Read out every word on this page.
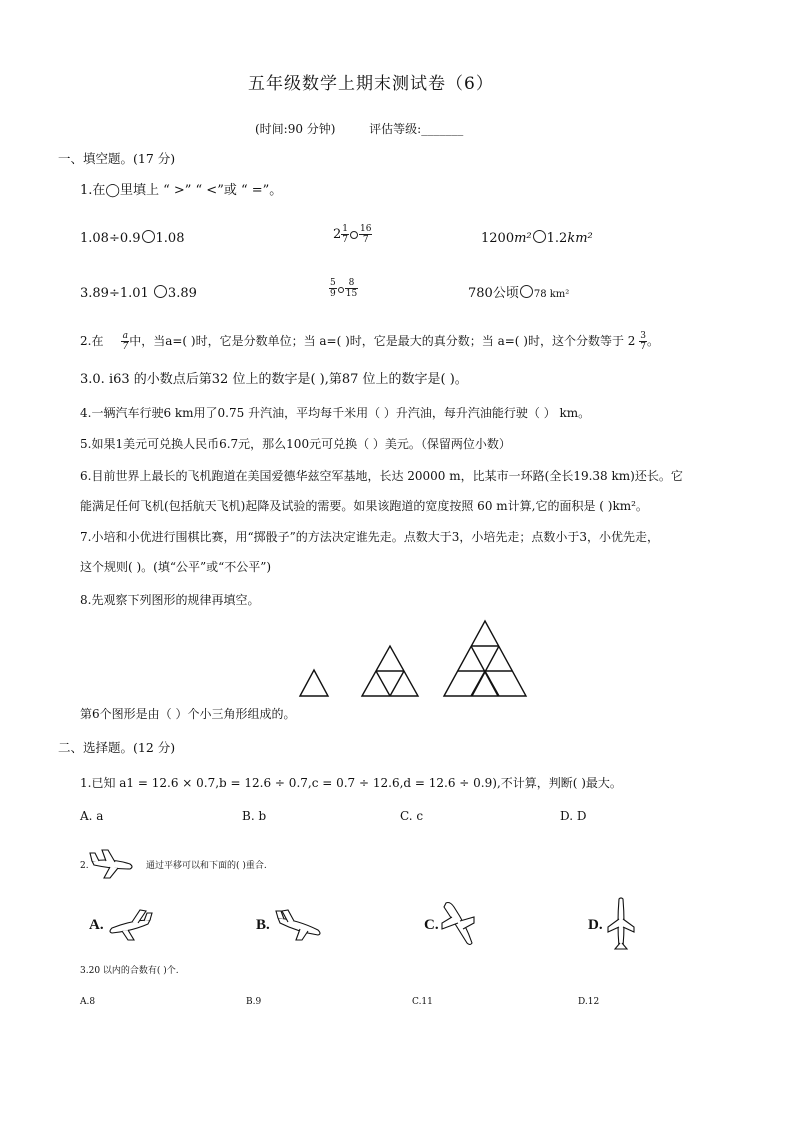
五年级数学上期末测试卷（6）
(时间:90 分钟)	评估等级:_______
一、填空题。(17 分)
1.在◯里填上 “ >” “ <”或 “ =”。
1.08÷0.9 1.08	$2 \frac{1}{7} \frac{16}{7}$	1200m² 1.2km²
3.89÷1.01 3.89	$\frac{5}{9} \frac{8}{15}$	780公顷 78 km²
2.在 $\frac{a}{7}$ 中，当a=( )时，它是分数单位；当 a=( )时，它是最大的真分数；当 a=( )时，这个分数等于 $2 \frac{3}{7}$ 。
3.0. i63 的小数点后第32 位上的数字是( ),第87 位上的数字是( )。
4.一辆汽车行驶6 km用了0.75 升汽油，平均每千米用（ ）升汽油，每升汽油能行驶（ ） km。
5.如果1美元可兑换人民币6.7元，那么100元可兑换（ ）美元。（保留两位小数）
6.目前世界上最长的飞机跑道在美国爱德华兹空军基地，长达 20000 m，比某市一环路(全长19.38 km)还长。它
能满足任何飞机(包括航天飞机)起降及试验的需要。如果该跑道的宽度按照 60 m计算,它的面积是 ( )km²。
7.小培和小优进行围棋比赛，用“掷骰子”的方法决定谁先走。点数大于3，小培先走；点数小于3，小优先走，
这个规则( )。(填“公平”或“不公平”)
8.先观察下列图形的规律再填空。
第6个图形是由（ ）个小三角形组成的。
二、选择题。(12 分)
1.已知 a1 = 12.6 × 0.7,b = 12.6 ÷ 0.7,c = 0.7 ÷ 12.6,d = 12.6 ÷ 0.9),不计算，判断( )最大。
A. a	B. b	C. c	D. D
2.	通过平移可以和下面的( )重合.
A.	B.	C.	D.
3.20 以内的合数有( )个.
A.8	B.9	C.11	D.12
